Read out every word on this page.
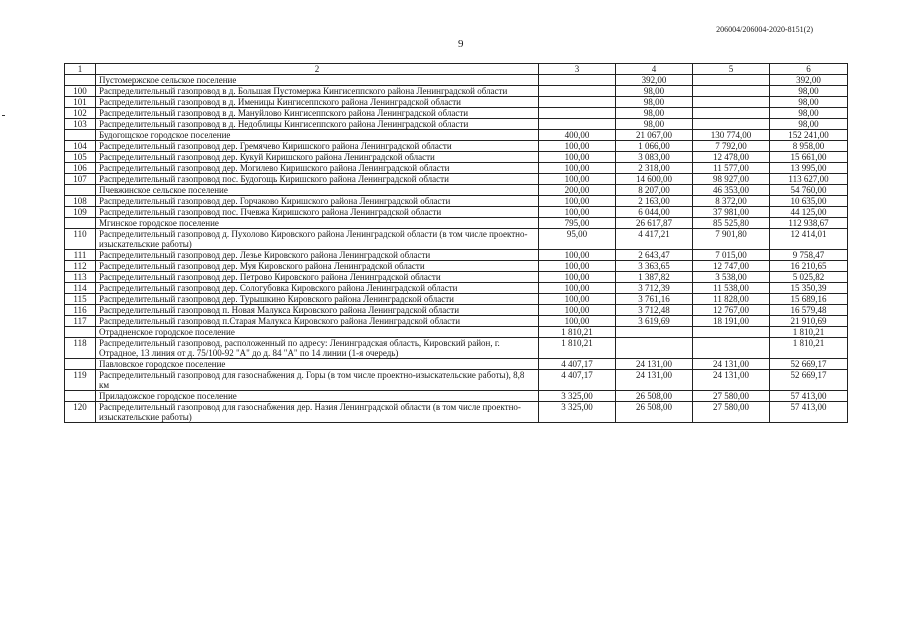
206004/206004-2020-8151(2)
9
1	2	3	4	5	6
	Пустомержское сельское поселение		392,00		392,00
100	Распределительный газопровод в д. Большая Пустомержа Кингисеппского района Ленинградской области		98,00		98,00
101	Распределительный газопровод в д. Именицы Кингисеппского района Ленинградской области		98,00		98,00
102	Распределительный газопровод в д. Мануйлово Кингисеппского района Ленинградской области		98,00		98,00
103	Распределительный газопровод в д. Недоблицы Кингисеппского района Ленинградской области		98,00		98,00
	Будогощское городское поселение	400,00	21 067,00	130 774,00	152 241,00
104	Распределительный газопровод дер. Гремячево Киришского района Ленинградской области	100,00	1 066,00	7 792,00	8 958,00
105	Распределительный газопровод дер. Кукуй Киришского района Ленинградской области	100,00	3 083,00	12 478,00	15 661,00
106	Распределительный газопровод дер. Могилево Киришского района Ленинградской области	100,00	2 318,00	11 577,00	13 995,00
107	Распределительный газопровод пос. Будогощь Киришского района Ленинградской области	100,00	14 600,00	98 927,00	113 627,00
	Пчевжинское сельское поселение	200,00	8 207,00	46 353,00	54 760,00
108	Распределительный газопровод дер. Горчаково Киришского района Ленинградской области	100,00	2 163,00	8 372,00	10 635,00
109	Распределительный газопровод пос. Пчевжа Киришского района Ленинградской области	100,00	6 044,00	37 981,00	44 125,00
	Мгинское городское поселение	795,00	26 617,87	85 525,80	112 938,67
110	Распределительный газопровод д. Пухолово Кировского района Ленинградской области (в том числе проектно-изыскательские работы)	95,00	4 417,21	7 901,80	12 414,01
111	Распределительный газопровод дер. Лезье Кировского района Ленинградской области	100,00	2 643,47	7 015,00	9 758,47
112	Распределительный газопровод дер. Муя Кировского района Ленинградской области	100,00	3 363,65	12 747,00	16 210,65
113	Распределительный газопровод дер. Петрово Кировского района Ленинградской области	100,00	1 387,82	3 538,00	5 025,82
114	Распределительный газопровод дер. Сологубовка Кировского района Ленинградской области	100,00	3 712,39	11 538,00	15 350,39
115	Распределительный газопровод дер. Турышкино Кировского района Ленинградской области	100,00	3 761,16	11 828,00	15 689,16
116	Распределительный газопровод п. Новая Малукса Кировского района Ленинградской области	100,00	3 712,48	12 767,00	16 579,48
117	Распределительный газопровод п.Старая Малукса Кировского района Ленинградской области	100,00	3 619,69	18 191,00	21 910,69
	Отрадненское городское поселение	1 810,21			1 810,21
118	Распределительный газопровод, расположенный по адресу: Ленинградская область, Кировский район, г. Отрадное, 13 линия от д. 75/100-92 "А" до д. 84 "А" по 14 линии (1-я очередь)	1 810,21			1 810,21
	Павловское городское поселение	4 407,17	24 131,00	24 131,00	52 669,17
119	Распределительный газопровод для газоснабжения д. Горы (в том числе проектно-изыскательские работы), 8,8 км	4 407,17	24 131,00	24 131,00	52 669,17
	Приладожское городское поселение	3 325,00	26 508,00	27 580,00	57 413,00
120	Распределительный газопровод для газоснабжения дер. Назия Ленинградской области (в том числе проектно-изыскательские работы)	3 325,00	26 508,00	27 580,00	57 413,00
